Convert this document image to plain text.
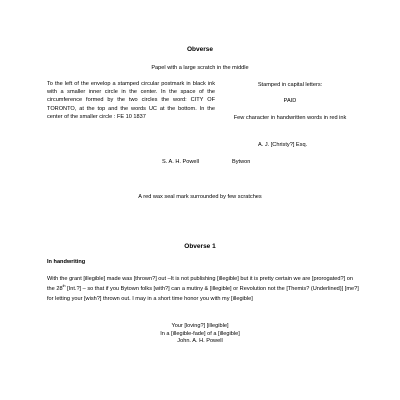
Obverse
Papel with a large scratch in the middle
To the left of the envelop a stamped circular postmark in black ink with a smaller inner circle in the center. In the space of the circumference formed by the two circles the word: CITY OF TORONTO, at the top and the words UC at the bottom. In the center of the smaller circle : FE 10 1837
Stamped in capital letters:
PAID
Few character in handwritten words in red ink
A. J. [Christy?] Esq.
S. A. H. Powell	Bytwon
A red wax seal mark surrounded by few scratches
Obverse 1
In handwriting
With the grant [illegible] made was [thrown?] out –It is not publishing [illegible] but it is pretty certain we are [prorogated?] on the 28th [Int.?] – so that if you Bytown folks [with?] can a mutiny & [illegible] or Revolution not the [Themis? (Underlined)] [me?] for letting your [wish?] thrown out. I may in a short time honor you with my [illegible]
Your [loving?] [illegible]
In a [illegible-fade] of a [illegible]
John. A. H. Powell
